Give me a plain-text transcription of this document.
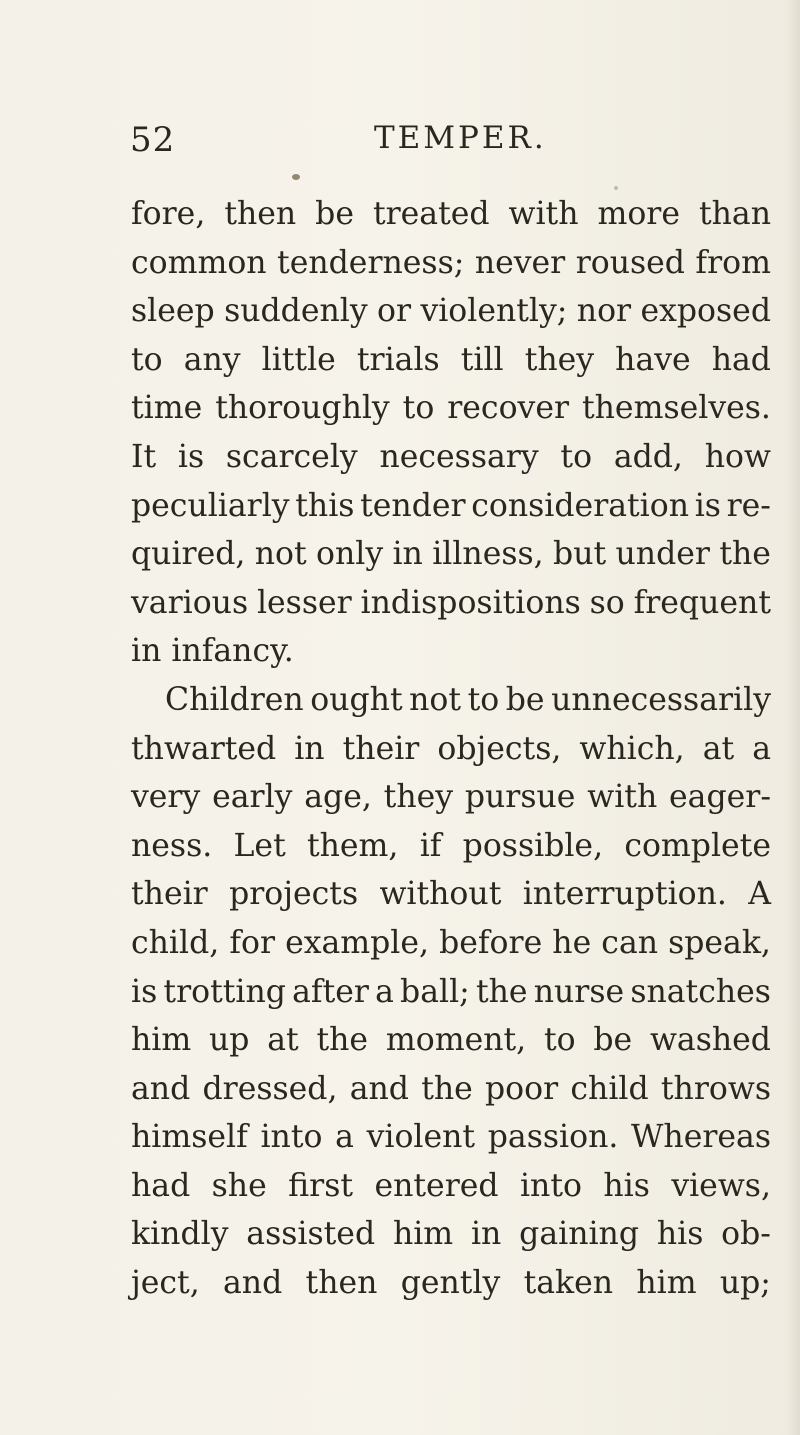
52	TEMPER.
fore, then be treated with more than
common tenderness; never roused from
sleep suddenly or violently; nor exposed
to any little trials till they have had
time thoroughly to recover themselves.
It is scarcely necessary to add, how
peculiarly this tender consideration is re-
quired, not only in illness, but under the
various lesser indispositions so frequent
in infancy.
Children ought not to be unnecessarily
thwarted in their objects, which, at a
very early age, they pursue with eager-
ness. Let them, if possible, complete
their projects without interruption. A
child, for example, before he can speak,
is trotting after a ball; the nurse snatches
him up at the moment, to be washed
and dressed, and the poor child throws
himself into a violent passion. Whereas
had she first entered into his views,
kindly assisted him in gaining his ob-
ject, and then gently taken him up;
